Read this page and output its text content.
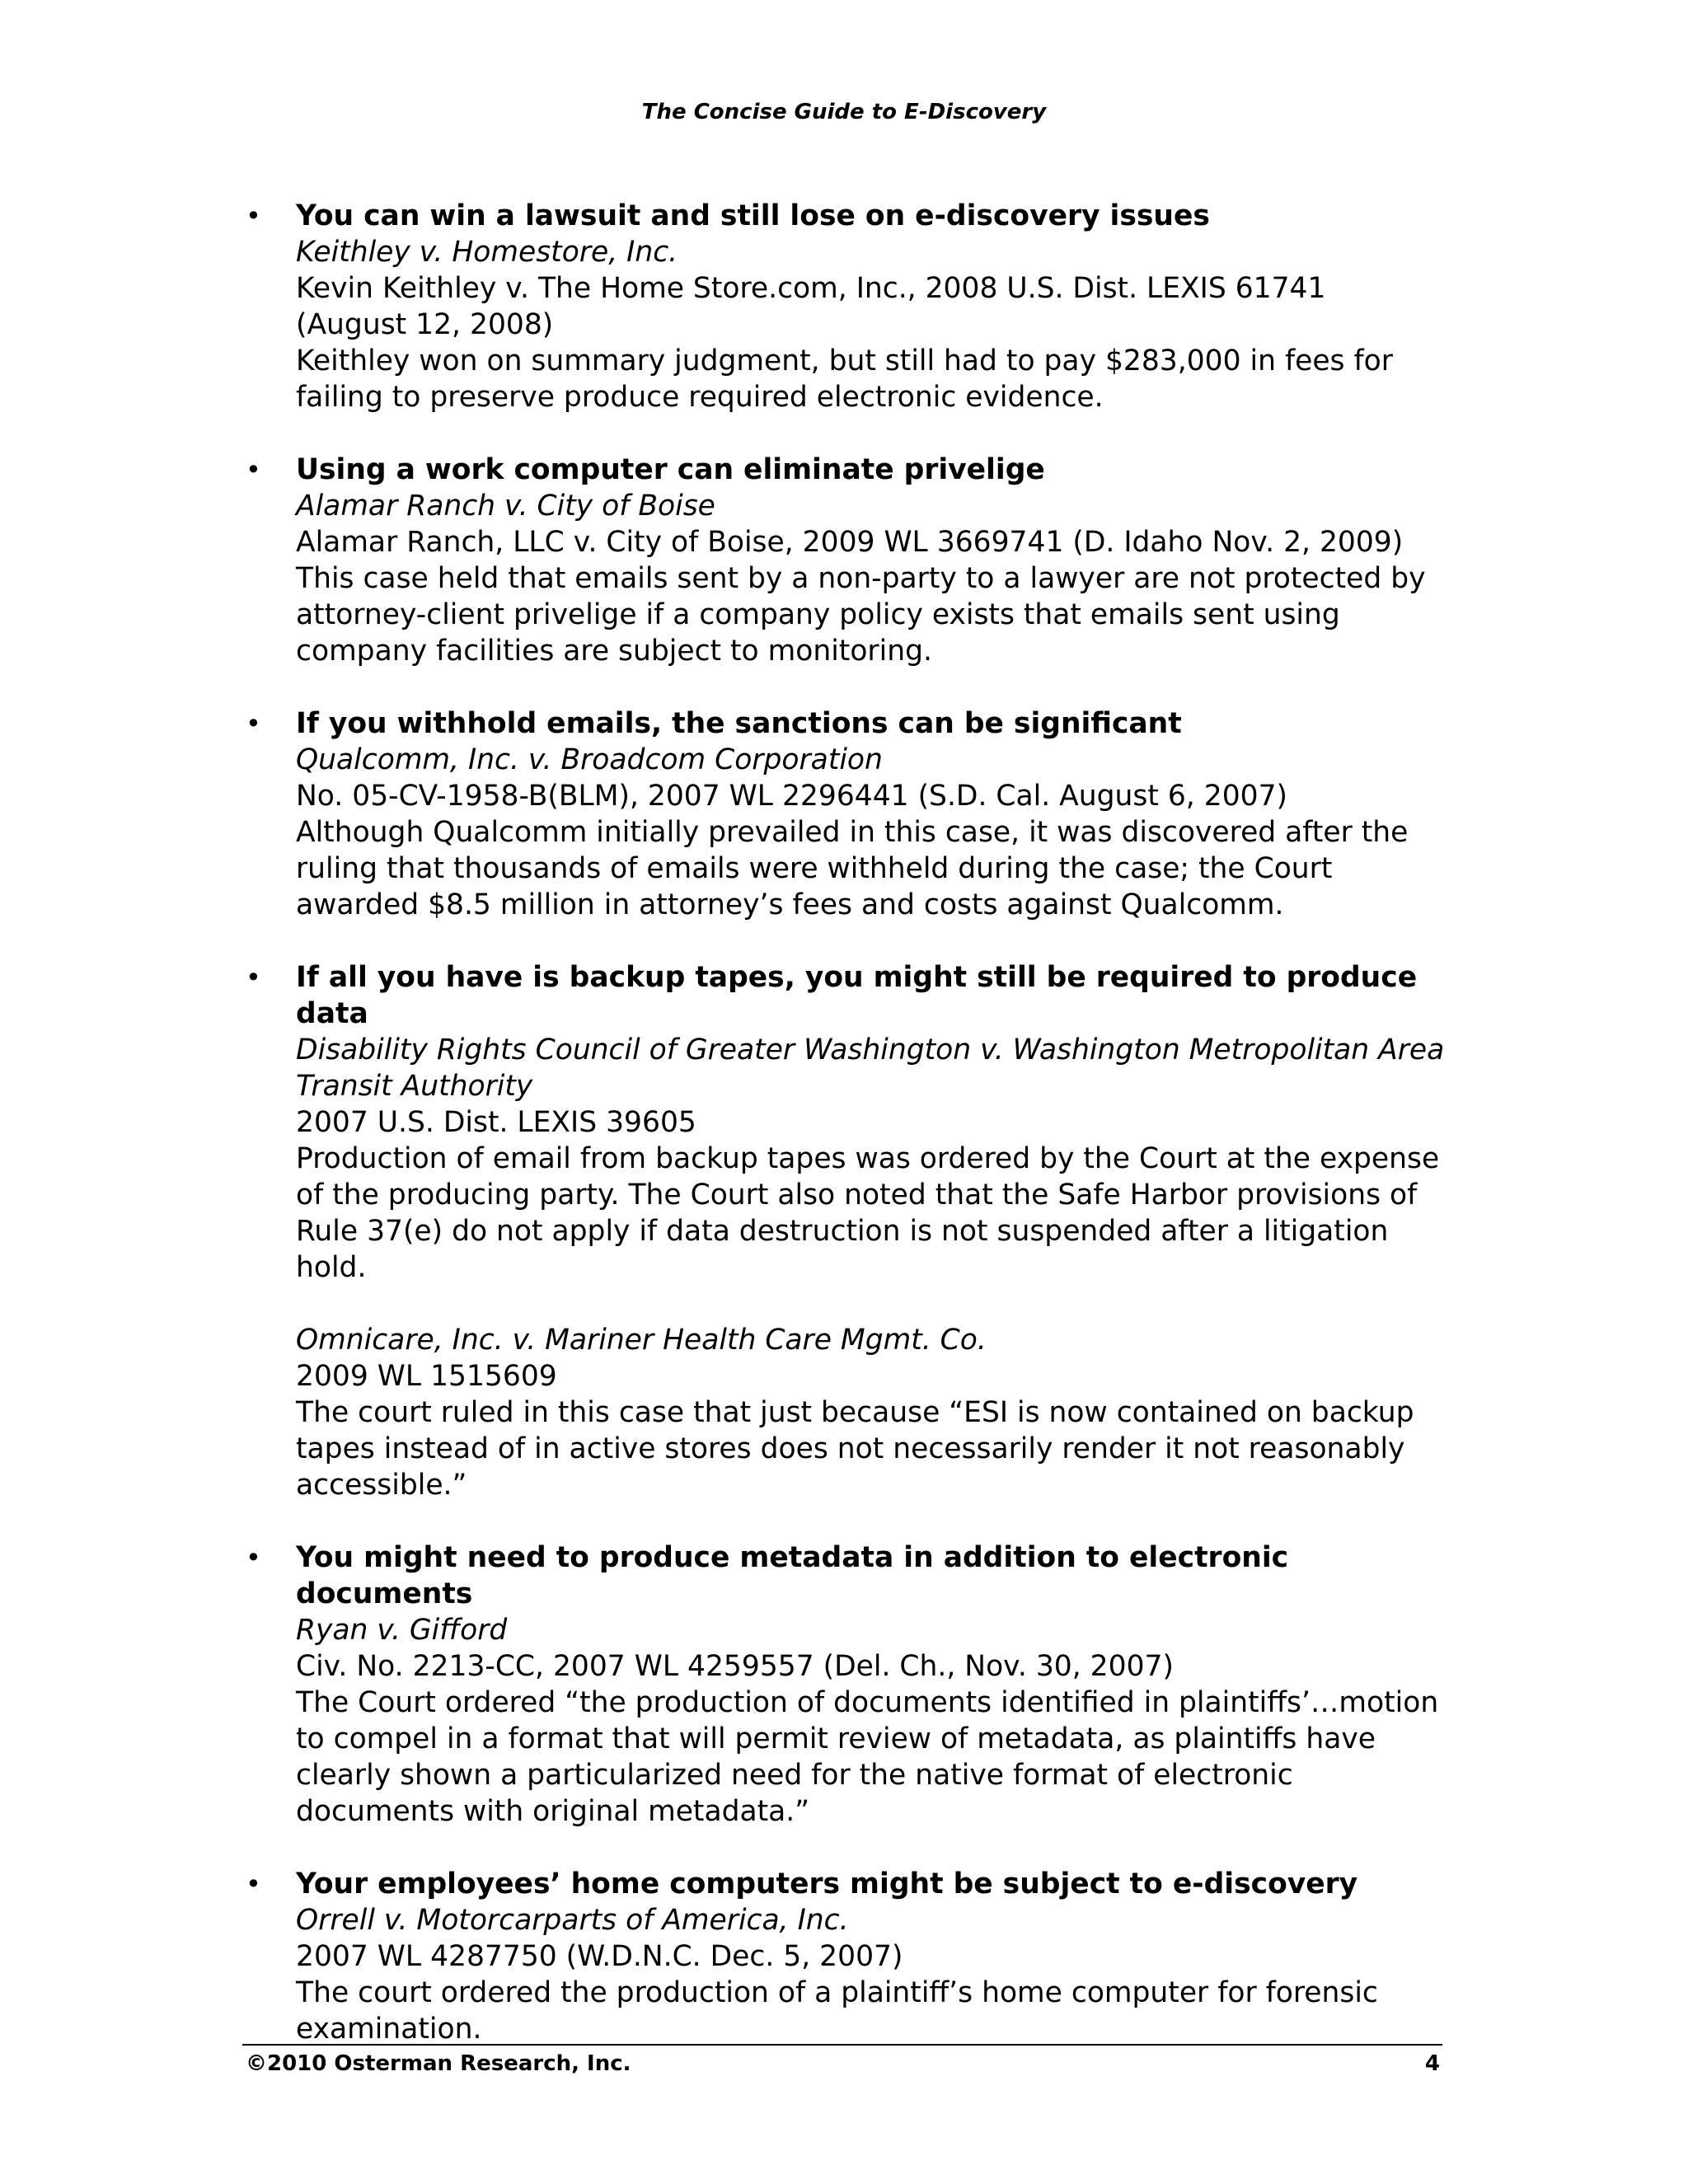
The Concise Guide to E-Discovery
• You can win a lawsuit and still lose on e-discovery issues
Keithley v. Homestore, Inc.
Kevin Keithley v. The Home Store.com, Inc., 2008 U.S. Dist. LEXIS 61741 (August 12, 2008)
Keithley won on summary judgment, but still had to pay $283,000 in fees for failing to preserve produce required electronic evidence.
• Using a work computer can eliminate privelige
Alamar Ranch v. City of Boise
Alamar Ranch, LLC v. City of Boise, 2009 WL 3669741 (D. Idaho Nov. 2, 2009)
This case held that emails sent by a non-party to a lawyer are not protected by attorney-client privelige if a company policy exists that emails sent using company facilities are subject to monitoring.
• If you withhold emails, the sanctions can be significant
Qualcomm, Inc. v. Broadcom Corporation
No. 05-CV-1958-B(BLM), 2007 WL 2296441 (S.D. Cal. August 6, 2007)
Although Qualcomm initially prevailed in this case, it was discovered after the ruling that thousands of emails were withheld during the case; the Court awarded $8.5 million in attorney’s fees and costs against Qualcomm.
• If all you have is backup tapes, you might still be required to produce data
Disability Rights Council of Greater Washington v. Washington Metropolitan Area Transit Authority
2007 U.S. Dist. LEXIS 39605
Production of email from backup tapes was ordered by the Court at the expense of the producing party. The Court also noted that the Safe Harbor provisions of Rule 37(e) do not apply if data destruction is not suspended after a litigation hold.
Omnicare, Inc. v. Mariner Health Care Mgmt. Co.
2009 WL 1515609
The court ruled in this case that just because “ESI is now contained on backup tapes instead of in active stores does not necessarily render it not reasonably accessible.”
• You might need to produce metadata in addition to electronic documents
Ryan v. Gifford
Civ. No. 2213-CC, 2007 WL 4259557 (Del. Ch., Nov. 30, 2007)
The Court ordered “the production of documents identified in plaintiffs’…motion to compel in a format that will permit review of metadata, as plaintiffs have clearly shown a particularized need for the native format of electronic documents with original metadata.”
• Your employees’ home computers might be subject to e-discovery
Orrell v. Motorcarparts of America, Inc.
2007 WL 4287750 (W.D.N.C. Dec. 5, 2007)
The court ordered the production of a plaintiff’s home computer for forensic examination.
©2010 Osterman Research, Inc.	4
